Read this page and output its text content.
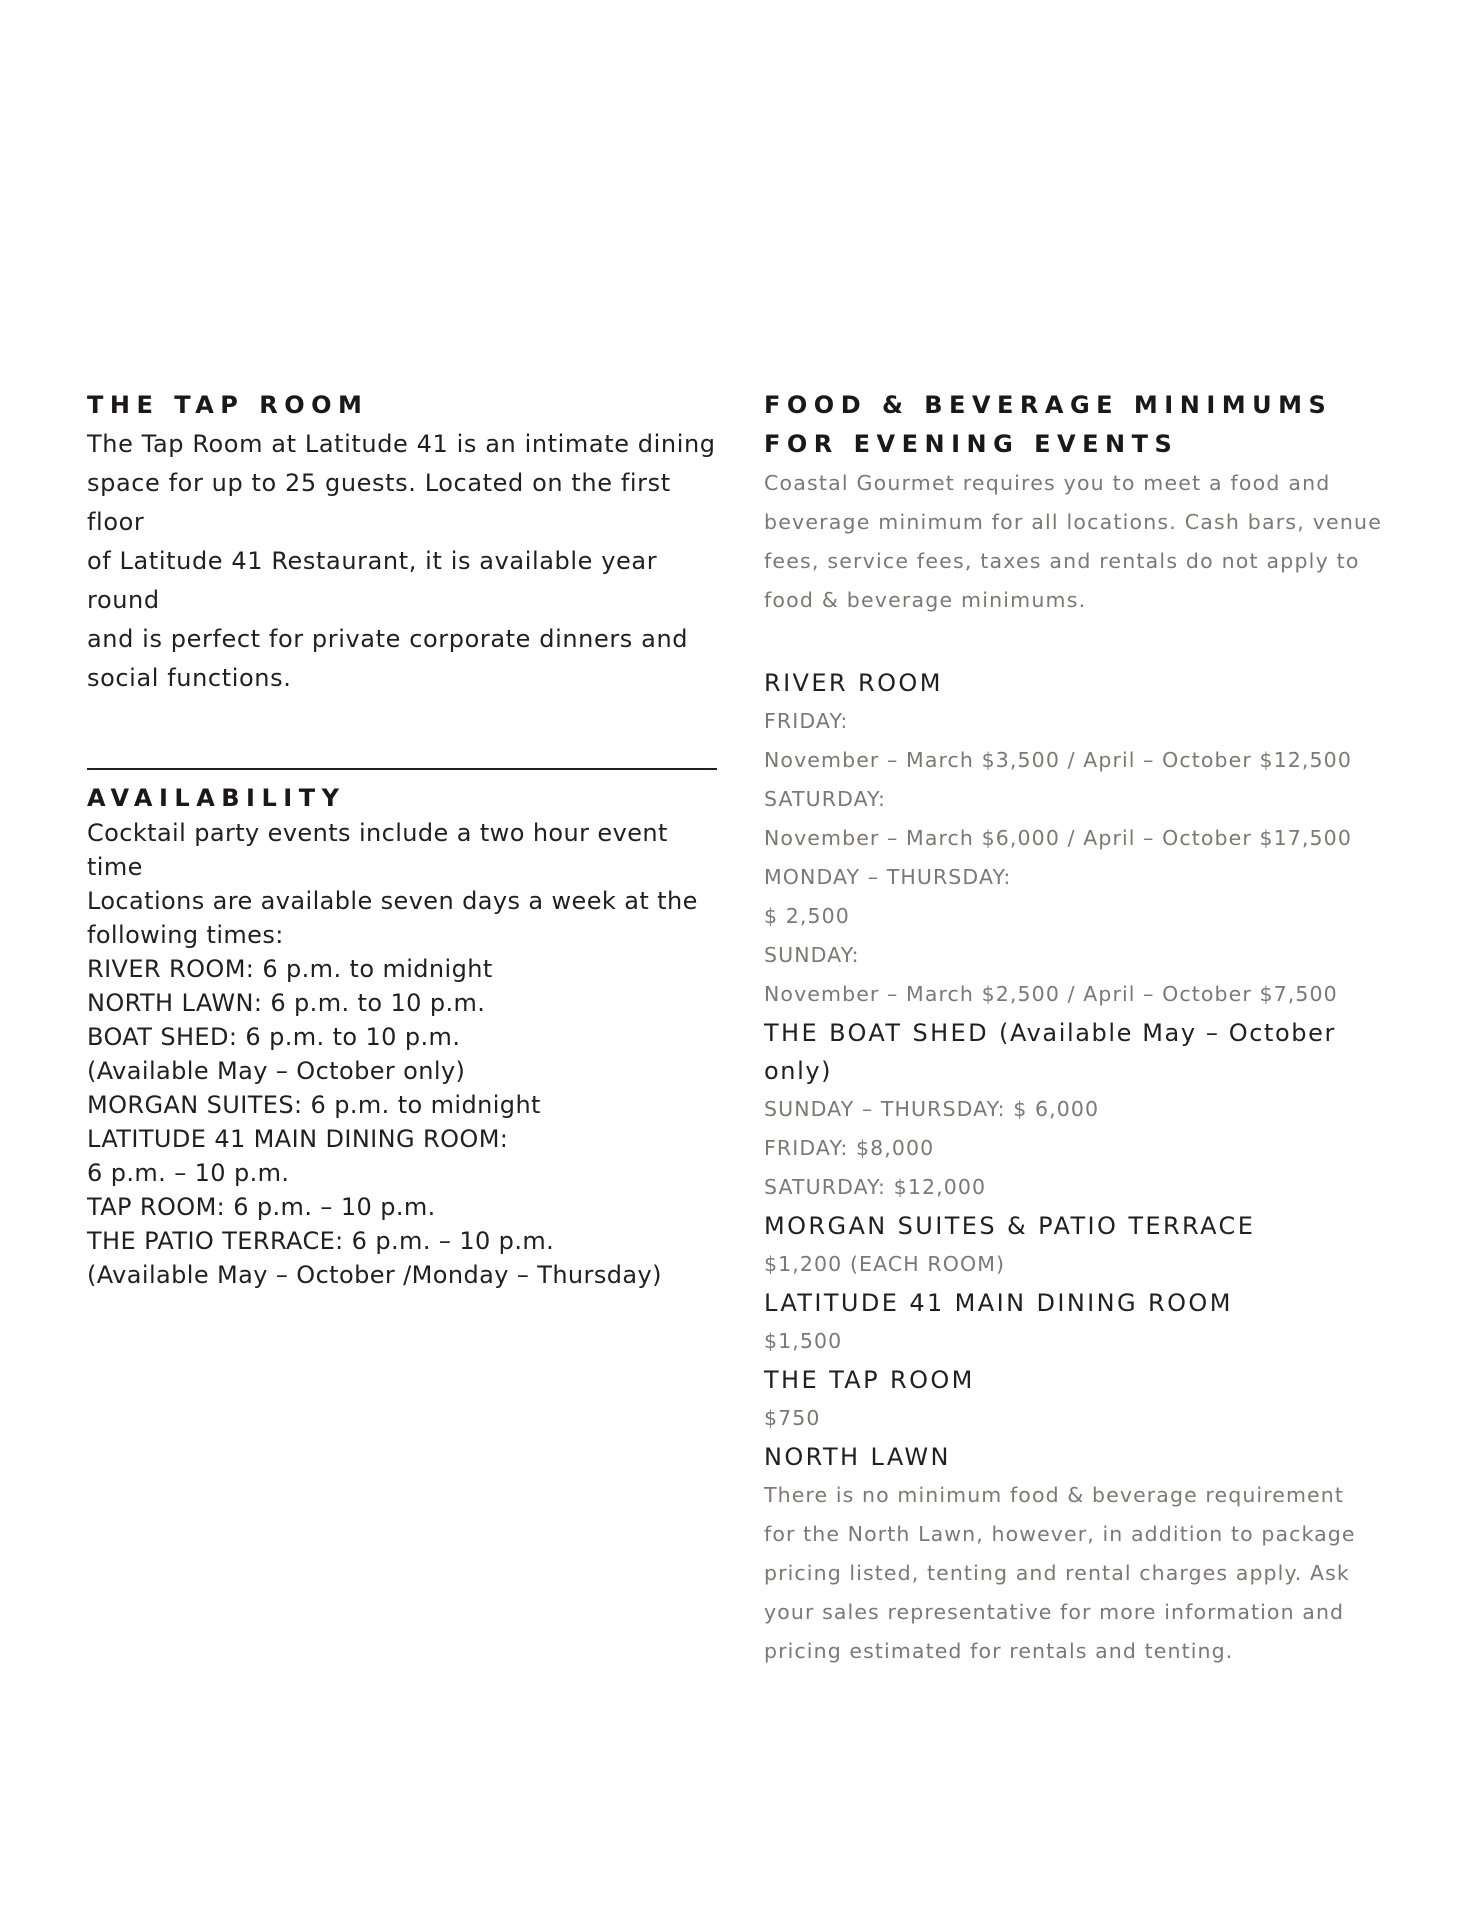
THE TAP ROOM

The Tap Room at Latitude 41 is an intimate dining

space for up to 25 guests. Located on the first floor

of Latitude 41 Restaurant, it is available year round

and is perfect for private corporate dinners and

social functions.

AVAILABILITY
Cocktail party events include a two hour event time
Locations are available seven days a week at the
following times:
RIVER ROOM: 6 p.m. to midnight
NORTH LAWN: 6 p.m. to 10 p.m.
BOAT SHED: 6 p.m. to 10 p.m.
(Available May – October only)
MORGAN SUITES: 6 p.m. to midnight
LATITUDE 41 MAIN DINING ROOM:
6 p.m. – 10 p.m.
TAP ROOM: 6 p.m. – 10 p.m.
THE PATIO TERRACE: 6 p.m. – 10 p.m.
(Available May – October /Monday – Thursday)
FOOD & BEVERAGE MINIMUMS
FOR EVENING EVENTS

Coastal Gourmet requires you to meet a food and

beverage minimum for all locations. Cash bars, venue

fees, service fees, taxes and rentals do not apply to

food & beverage minimums.

RIVER ROOM

FRIDAY:

November – March $3,500 / April – October $12,500

SATURDAY:

November – March $6,000 / April – October $17,500

MONDAY – THURSDAY:

$ 2,500

SUNDAY:

November – March $2,500 / April – October $7,500

THE BOAT SHED (Available May – October only)

SUNDAY – THURSDAY: $ 6,000

FRIDAY: $8,000

SATURDAY: $12,000

MORGAN SUITES & PATIO TERRACE

$1,200 (EACH ROOM)

LATITUDE 41 MAIN DINING ROOM

$1,500

THE TAP ROOM

$750

NORTH LAWN

There is no minimum food & beverage requirement

for the North Lawn, however, in addition to package

pricing listed, tenting and rental charges apply. Ask

your sales representative for more information and

pricing estimated for rentals and tenting.
